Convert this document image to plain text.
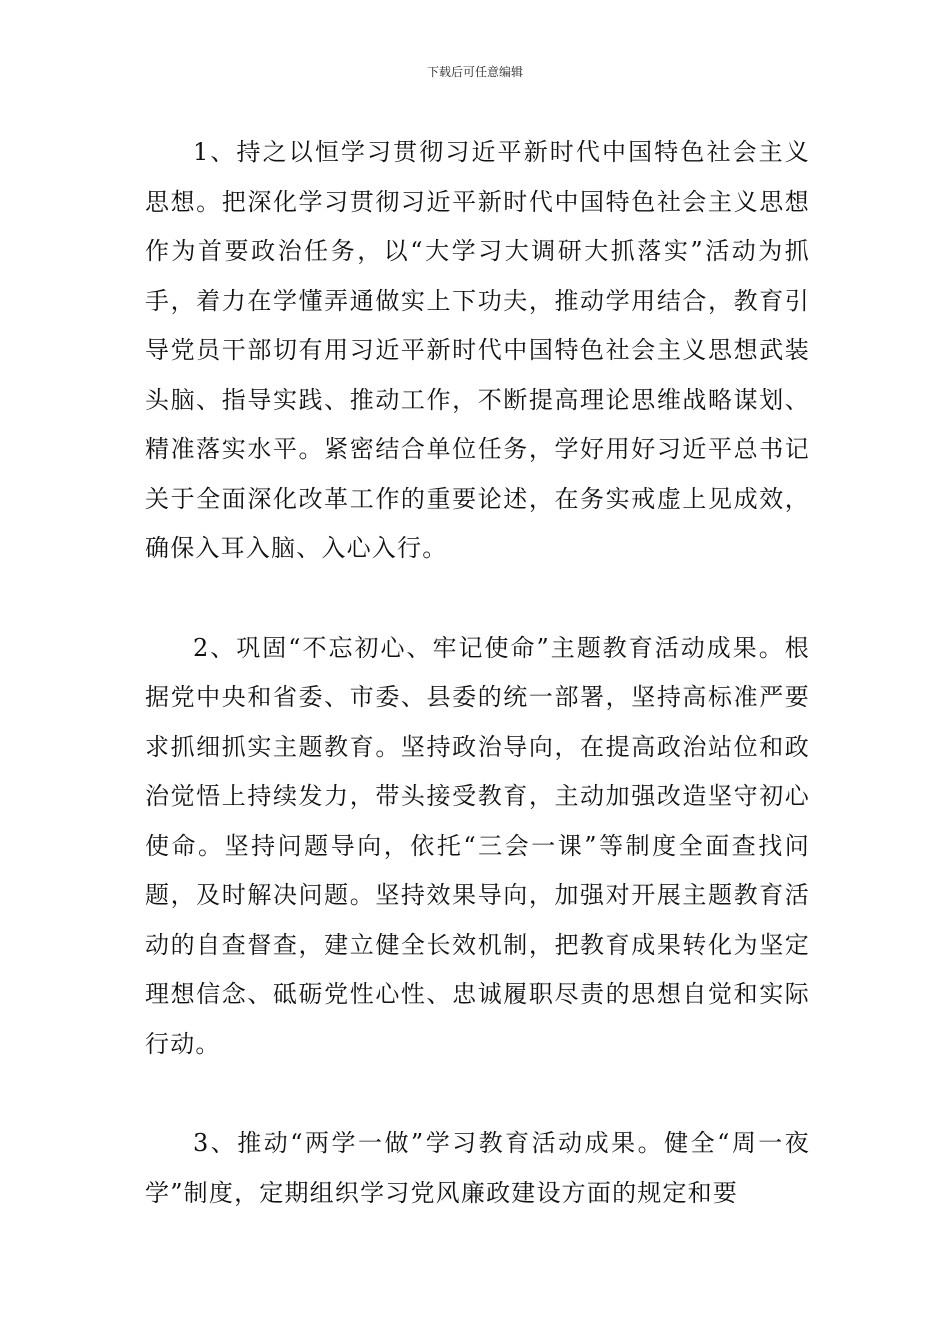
下载后可任意编辑

1、持之以恒学习贯彻习近平新时代中国特色社会主义思想。把深化学习贯彻习近平新时代中国特色社会主义思想作为首要政治任务，以“大学习大调研大抓落实”活动为抓手，着力在学懂弄通做实上下功夫，推动学用结合，教育引导党员干部切有用习近平新时代中国特色社会主义思想武装头脑、指导实践、推动工作，不断提高理论思维战略谋划、精准落实水平。紧密结合单位任务，学好用好习近平总书记关于全面深化改革工作的重要论述，在务实戒虚上见成效，确保入耳入脑、入心入行。

2、巩固“不忘初心、牢记使命”主题教育活动成果。根据党中央和省委、市委、县委的统一部署，坚持高标准严要求抓细抓实主题教育。坚持政治导向，在提高政治站位和政治觉悟上持续发力，带头接受教育，主动加强改造坚守初心使命。坚持问题导向，依托“三会一课”等制度全面查找问题，及时解决问题。坚持效果导向，加强对开展主题教育活动的自查督查，建立健全长效机制，把教育成果转化为坚定理想信念、砥砺党性心性、忠诚履职尽责的思想自觉和实际行动。

3、推动“两学一做”学习教育活动成果。健全“周一夜学”制度，定期组织学习党风廉政建设方面的规定和要
